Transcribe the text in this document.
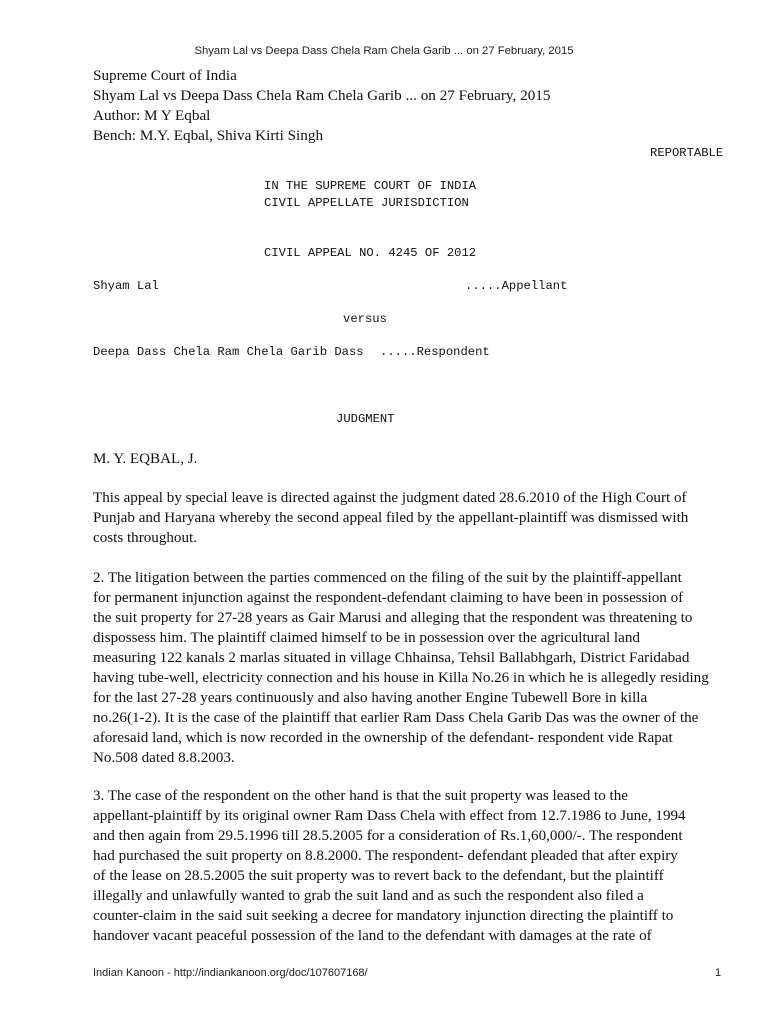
Shyam Lal vs Deepa Dass Chela Ram Chela Garib ... on 27 February, 2015
Supreme Court of India
Shyam Lal vs Deepa Dass Chela Ram Chela Garib ... on 27 February, 2015
Author: M Y Eqbal
Bench: M.Y. Eqbal, Shiva Kirti Singh
REPORTABLE
IN THE SUPREME COURT OF INDIA
CIVIL APPELLATE JURISDICTION
CIVIL APPEAL NO. 4245 OF 2012
Shyam Lal	.....Appellant
versus
Deepa Dass Chela Ram Chela Garib Dass .....Respondent
JUDGMENT
M. Y. EQBAL, J.
This appeal by special leave is directed against the judgment dated 28.6.2010 of the High Court of
Punjab and Haryana whereby the second appeal filed by the appellant-plaintiff was dismissed with
costs throughout.
2. The litigation between the parties commenced on the filing of the suit by the plaintiff-appellant
for permanent injunction against the respondent-defendant claiming to have been in possession of
the suit property for 27-28 years as Gair Marusi and alleging that the respondent was threatening to
dispossess him. The plaintiff claimed himself to be in possession over the agricultural land
measuring 122 kanals 2 marlas situated in village Chhainsa, Tehsil Ballabhgarh, District Faridabad
having tube-well, electricity connection and his house in Killa No.26 in which he is allegedly residing
for the last 27-28 years continuously and also having another Engine Tubewell Bore in killa
no.26(1-2). It is the case of the plaintiff that earlier Ram Dass Chela Garib Das was the owner of the
aforesaid land, which is now recorded in the ownership of the defendant- respondent vide Rapat
No.508 dated 8.8.2003.
3. The case of the respondent on the other hand is that the suit property was leased to the
appellant-plaintiff by its original owner Ram Dass Chela with effect from 12.7.1986 to June, 1994
and then again from 29.5.1996 till 28.5.2005 for a consideration of Rs.1,60,000/-. The respondent
had purchased the suit property on 8.8.2000. The respondent- defendant pleaded that after expiry
of the lease on 28.5.2005 the suit property was to revert back to the defendant, but the plaintiff
illegally and unlawfully wanted to grab the suit land and as such the respondent also filed a
counter-claim in the said suit seeking a decree for mandatory injunction directing the plaintiff to
handover vacant peaceful possession of the land to the defendant with damages at the rate of
Indian Kanoon - http://indiankanoon.org/doc/107607168/	1
